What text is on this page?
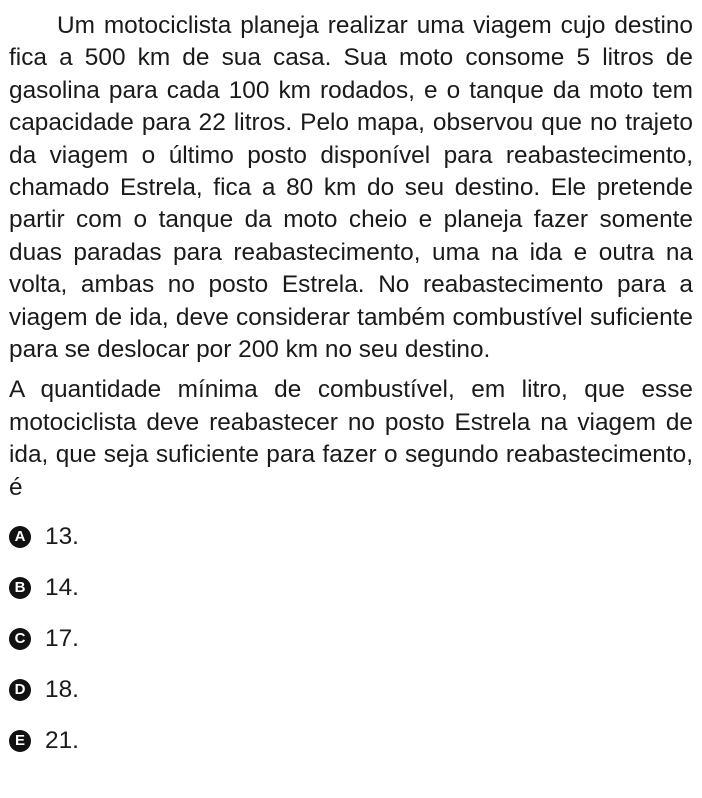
Um motociclista planeja realizar uma viagem cujo destino fica a 500 km de sua casa. Sua moto consome 5 litros de gasolina para cada 100 km rodados, e o tanque da moto tem capacidade para 22 litros. Pelo mapa, observou que no trajeto da viagem o último posto disponível para reabastecimento, chamado Estrela, fica a 80 km do seu destino. Ele pretende partir com o tanque da moto cheio e planeja fazer somente duas paradas para reabastecimento, uma na ida e outra na volta, ambas no posto Estrela. No reabastecimento para a viagem de ida, deve considerar também combustível suficiente para se deslocar por 200 km no seu destino.

A quantidade mínima de combustível, em litro, que esse motociclista deve reabastecer no posto Estrela na viagem de ida, que seja suficiente para fazer o segundo reabastecimento, é

A 13.
B 14.
C 17.
D 18.
E 21.
